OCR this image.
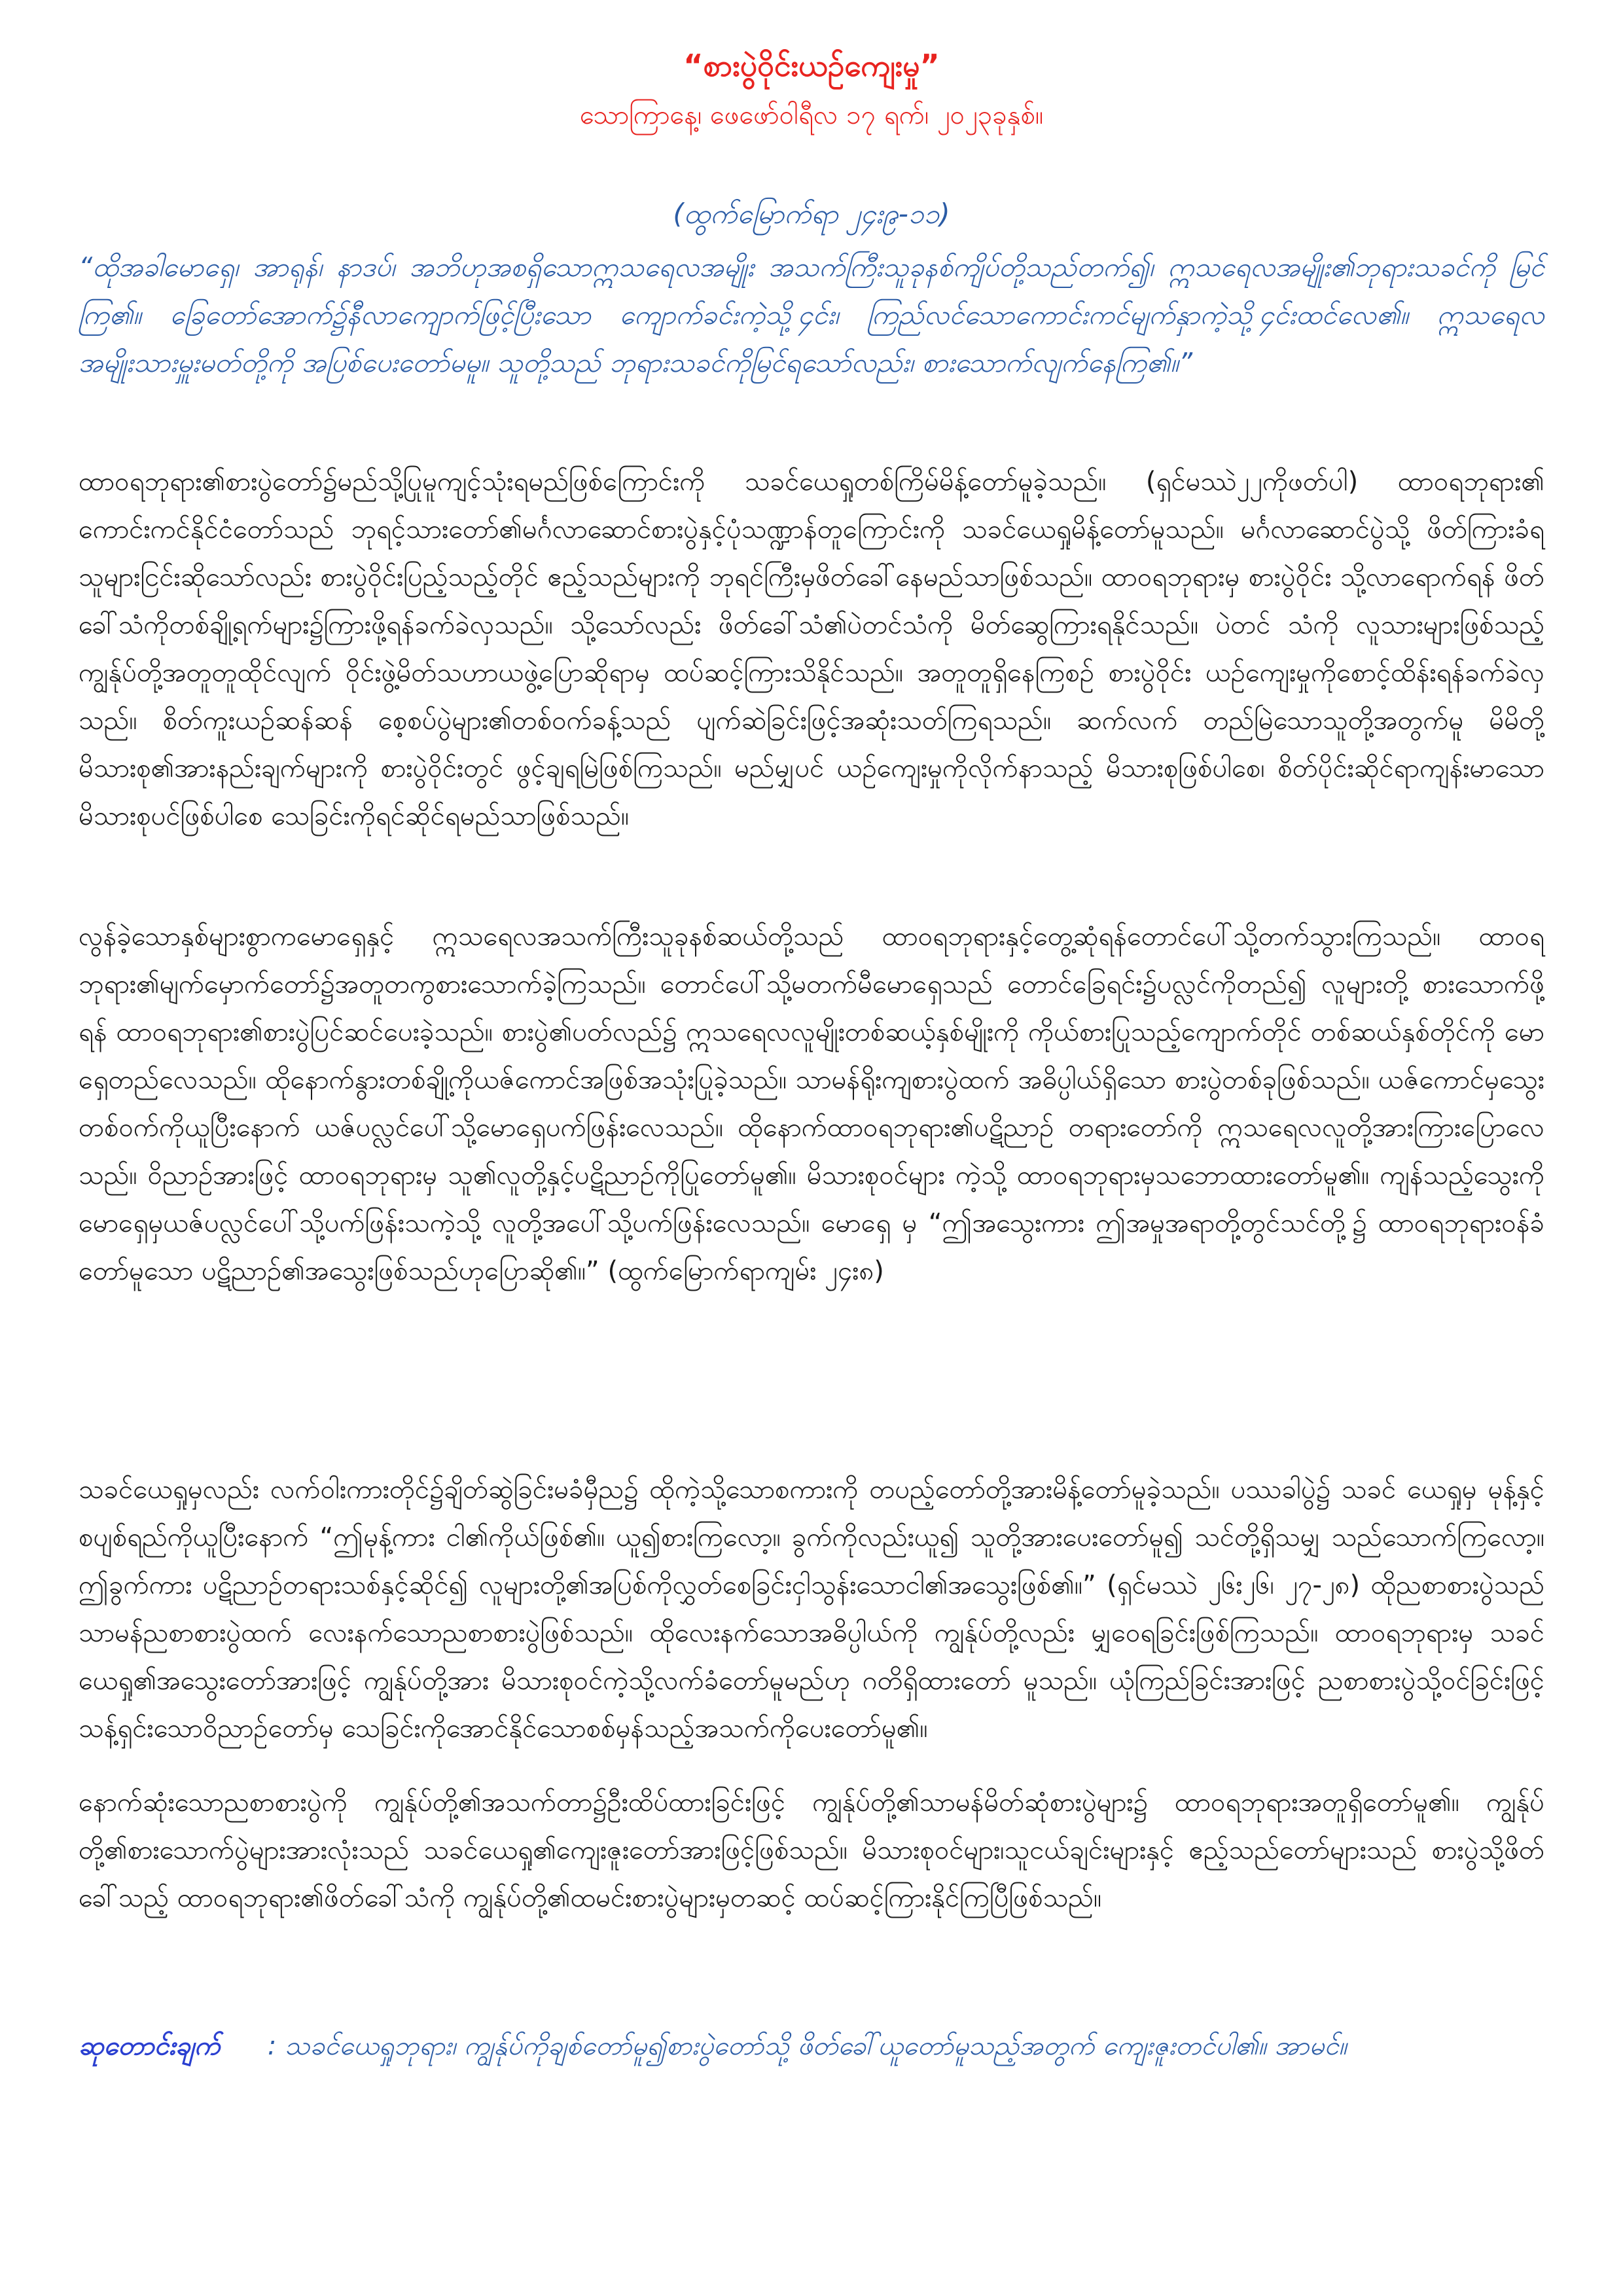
“စားပွဲဝိုင်းယဉ်ကျေးမှု”
သောကြာနေ့၊ ဖေဖော်ဝါရီလ ၁၇ ရက်၊ ၂၀၂၃ခုနှစ်။
(ထွက်မြောက်ရာ ၂၄း၉-၁၁)
“ထိုအခါမောရှေ၊ အာရုန်၊ နာဒပ်၊ အဘိဟုအစရှိသောဣသရေလအမျိုး အသက်ကြီးသူခုနစ်ကျိပ်တို့သည်တက်၍၊ ဣသရေလအမျိုး၏ဘုရားသခင်ကို မြင်ကြ၏။ ခြေတော်အောက်၌နီလာကျောက်ဖြင့်ပြီးသော ကျောက်ခင်းကဲ့သို့၄င်း၊ ကြည်လင်သောကောင်းကင်မျက်နှာကဲ့သို့၄င်းထင်လေ၏။ ဣသရေလ အမျိုးသားမှူးမတ်တို့ကို အပြစ်ပေးတော်မမူ။ သူတို့သည် ဘုရားသခင်ကိုမြင်ရသော်လည်း၊ စားသောက်လျက်နေကြ၏။”
ထာဝရဘုရား၏စားပွဲတော်၌မည်သို့ပြုမူကျင့်သုံးရမည်ဖြစ်ကြောင်းကို သခင်ယေရှုတစ်ကြိမ်မိန့်တော်မူခဲ့သည်။ (ရှင်မဿဲ၂၂ကိုဖတ်ပါ) ထာဝရဘုရား၏ ကောင်းကင်နိုင်ငံတော်သည် ဘုရင့်သားတော်၏မင်္ဂလာဆောင်စားပွဲနှင့်ပုံသဏ္ဍာန်တူကြောင်းကို သခင်ယေရှုမိန့်တော်မူသည်။ မင်္ဂလာဆောင်ပွဲသို့ ဖိတ်ကြားခံရသူများငြင်းဆိုသော်လည်း စားပွဲဝိုင်းပြည့်သည့်တိုင် ဧည့်သည်များကို ဘုရင်ကြီးမှဖိတ်ခေါ်နေမည်သာဖြစ်သည်။ ထာဝရဘုရားမှ စားပွဲဝိုင်း သို့လာရောက်ရန် ဖိတ်ခေါ်သံကိုတစ်ချို့ရက်များ၌ကြားဖို့ရန်ခက်ခဲလှသည်။ သို့သော်လည်း ဖိတ်ခေါ်သံ၏ပဲတင်သံကို မိတ်ဆွေကြားရနိုင်သည်။ ပဲတင် သံကို လူသားများဖြစ်သည့်ကျွန်ုပ်တို့အတူတူထိုင်လျက် ဝိုင်းဖွဲ့မိတ်သဟာယဖွဲ့ပြောဆိုရာမှ ထပ်ဆင့်ကြားသိနိုင်သည်။ အတူတူရှိနေကြစဉ် စားပွဲဝိုင်း ယဉ်ကျေးမှုကိုစောင့်ထိန်းရန်ခက်ခဲလှသည်။ စိတ်ကူးယဉ်ဆန်ဆန် စေ့စပ်ပွဲများ၏တစ်ဝက်ခန့်သည် ပျက်ဆဲခြင်းဖြင့်အဆုံးသတ်ကြရသည်။ ဆက်လက် တည်မြဲသောသူတို့အတွက်မူ မိမိတို့မိသားစု၏အားနည်းချက်များကို စားပွဲဝိုင်းတွင် ဖွင့်ချရမြဲဖြစ်ကြသည်။ မည်မျှပင် ယဉ်ကျေးမှုကိုလိုက်နာသည့် မိသားစုဖြစ်ပါစေ၊ စိတ်ပိုင်းဆိုင်ရာကျန်းမာသောမိသားစုပင်ဖြစ်ပါစေ သေခြင်းကိုရင်ဆိုင်ရမည်သာဖြစ်သည်။
လွန်ခဲ့သောနှစ်များစွာကမောရှေနှင့် ဣသရေလအသက်ကြီးသူခုနစ်ဆယ်တို့သည် ထာဝရဘုရားနှင့်တွေ့ဆုံရန်တောင်ပေါ်သို့တက်သွားကြသည်။ ထာဝရ ဘုရား၏မျက်မှောက်တော်၌အတူတကွစားသောက်ခဲ့ကြသည်။ တောင်ပေါ်သို့မတက်မီမောရှေသည် တောင်ခြေရင်း၌ပလ္လင်ကိုတည်၍ လူများတို့ စားသောက်ဖို့ရန် ထာဝရဘုရား၏စားပွဲပြင်ဆင်ပေးခဲ့သည်။ စားပွဲ၏ပတ်လည်၌ ဣသရေလလူမျိုးတစ်ဆယ့်နှစ်မျိုးကို ကိုယ်စားပြုသည့်ကျောက်တိုင် တစ်ဆယ်နှစ်တိုင်ကို မောရှေတည်လေသည်။ ထိုနောက်နွားတစ်ချို့ကိုယဇ်ကောင်အဖြစ်အသုံးပြုခဲ့သည်။ သာမန်ရိုးကျစားပွဲထက် အဓိပ္ပါယ်ရှိသော စားပွဲတစ်ခုဖြစ်သည်။ ယဇ်ကောင်မှသွေးတစ်ဝက်ကိုယူပြီးနောက် ယဇ်ပလ္လင်ပေါ်သို့မောရှေပက်ဖြန်းလေသည်။ ထိုနောက်ထာဝရဘုရား၏ပဋိညာဉ် တရားတော်ကို ဣသရေလလူတို့အားကြားပြောလေသည်။ ဝိညာဉ်အားဖြင့် ထာဝရဘုရားမှ သူ၏လူတို့နှင့်ပဋိညာဉ်ကိုပြုတော်မူ၏။ မိသားစုဝင်များ ကဲ့သို့ ထာဝရဘုရားမှသဘောထားတော်မူ၏။ ကျန်သည့်သွေးကို မောရှေမှယဇ်ပလ္လင်ပေါ်သို့ပက်ဖြန်းသကဲ့သို့ လူတို့အပေါ်သို့ပက်ဖြန်းလေသည်။ မောရှေ မှ “ဤအသွေးကား ဤအမှုအရာတို့တွင်သင်တို့၌ ထာဝရဘုရားဝန်ခံတော်မူသော ပဋိညာဉ်၏အသွေးဖြစ်သည်ဟုပြောဆို၏။” (ထွက်မြောက်ရာကျမ်း ၂၄း၈)
သခင်ယေရှုမှလည်း လက်ဝါးကားတိုင်၌ချိတ်ဆွဲခြင်းမခံမှီည၌ ထိုကဲ့သို့သောစကားကို တပည့်တော်တို့အားမိန့်တော်မူခဲ့သည်။ ပဿခါပွဲ၌ သခင် ယေရှုမှ မုန့်နှင့်စပျစ်ရည်ကိုယူပြီးနောက် “ဤမုန့်ကား ငါ၏ကိုယ်ဖြစ်၏။ ယူ၍စားကြလော့။ ခွက်ကိုလည်းယူ၍ သူတို့အားပေးတော်မူ၍ သင်တို့ရှိသမျှ သည်သောက်ကြလော့။ ဤခွက်ကား ပဋိညာဉ်တရားသစ်နှင့်ဆိုင်၍ လူများတို့၏အပြစ်ကိုလွှတ်စေခြင်းငှါသွန်းသောငါ၏အသွေးဖြစ်၏။” (ရှင်မဿဲ ၂၆း၂၆၊ ၂၇-၂၈) ထိုညစာစားပွဲသည် သာမန်ညစာစားပွဲထက် လေးနက်သောညစာစားပွဲဖြစ်သည်။ ထိုလေးနက်သောအဓိပ္ပါယ်ကို ကျွန်ုပ်တို့လည်း မျှဝေရခြင်းဖြစ်ကြသည်။ ထာဝရဘုရားမှ သခင်ယေရှု၏အသွေးတော်အားဖြင့် ကျွန်ုပ်တို့အား မိသားစုဝင်ကဲ့သို့လက်ခံတော်မူမည်ဟု ဂတိရှိထားတော် မူသည်။ ယုံကြည်ခြင်းအားဖြင့် ညစာစားပွဲသို့ဝင်ခြင်းဖြင့် သန့်ရှင်းသောဝိညာဉ်တော်မှ သေခြင်းကိုအောင်နိုင်သောစစ်မှန်သည့်အသက်ကိုပေးတော်မူ၏။
နောက်ဆုံးသောညစာစားပွဲကို ကျွန်ုပ်တို့၏အသက်တာ၌ဦးထိပ်ထားခြင်းဖြင့် ကျွန်ုပ်တို့၏သာမန်မိတ်ဆုံစားပွဲများ၌ ထာဝရဘုရားအတူရှိတော်မူ၏။ ကျွန်ုပ်တို့၏စားသောက်ပွဲများအားလုံးသည် သခင်ယေရှု၏ကျေးဇူးတော်အားဖြင့်ဖြစ်သည်။ မိသားစုဝင်များ၊သူငယ်ချင်းများနှင့် ဧည့်သည်တော်များသည် စားပွဲသို့ဖိတ်ခေါ်သည့် ထာဝရဘုရား၏ဖိတ်ခေါ်သံကို ကျွန်ုပ်တို့၏ထမင်းစားပွဲများမှတဆင့် ထပ်ဆင့်ကြားနိုင်ကြပြီဖြစ်သည်။
ဆုတောင်းချက် : သခင်ယေရှုဘုရား၊ ကျွန်ုပ်ကိုချစ်တော်မူ၍စားပွဲတော်သို့ ဖိတ်ခေါ်ယူတော်မူသည့်အတွက် ကျေးဇူးတင်ပါ၏။ အာမင်။
